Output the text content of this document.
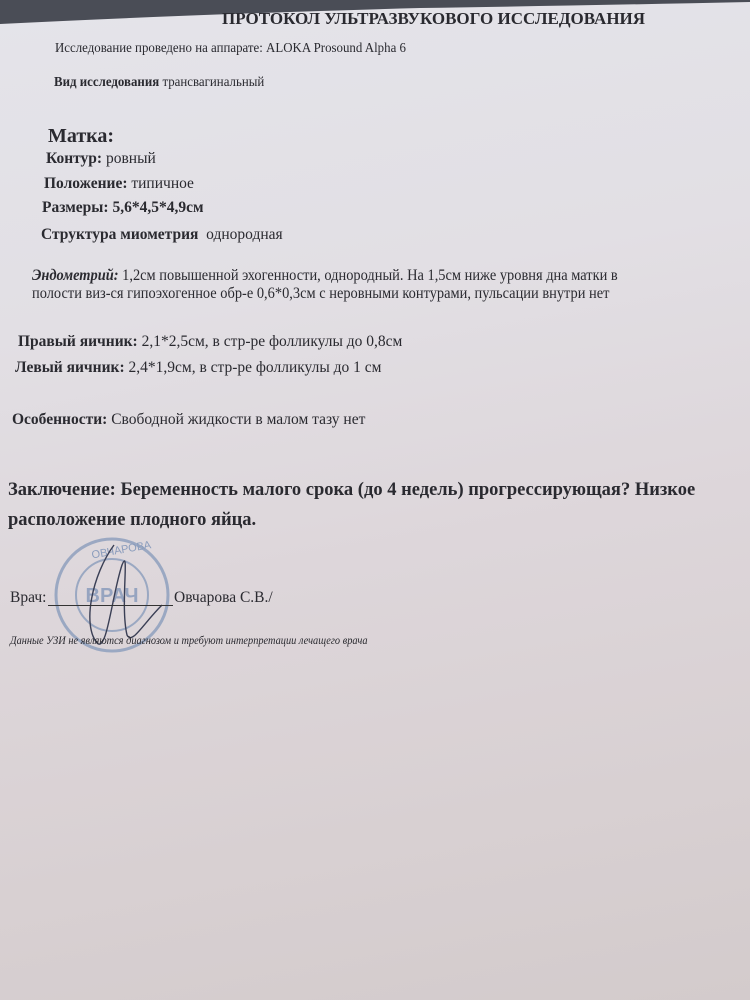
ПРОТОКОЛ УЛЬТРАЗВУКОВОГО ИССЛЕДОВАНИЯ
Исследование проведено на аппарате: ALOKA Prosound Alpha 6
Вид исследования трансвагинальный
Матка:
Контур: ровный
Положение: типичное
Размеры: 5,6*4,5*4,9см
Структура миометрия однородная
Эндометрий: 1,2см повышенной эхогенности, однородный. На 1,5см ниже уровня дна матки в
полости виз-ся гипоэхогенное обр-е 0,6*0,3см с неровными контурами, пульсации внутри нет
Правый яичник: 2,1*2,5см, в стр-ре фолликулы до 0,8см
Левый яичник: 2,4*1,9см, в стр-ре фолликулы до 1 см
Особенности: Свободной жидкости в малом тазу нет
Заключение: Беременность малого срока (до 4 недель) прогрессирующая? Низкое
расположение плодного яйца.
ВРАЧ
ОВЧАРОВА
Врач:	Овчарова С.В./
Данные УЗИ не являются диагнозом и требуют интерпретации лечащего врача
